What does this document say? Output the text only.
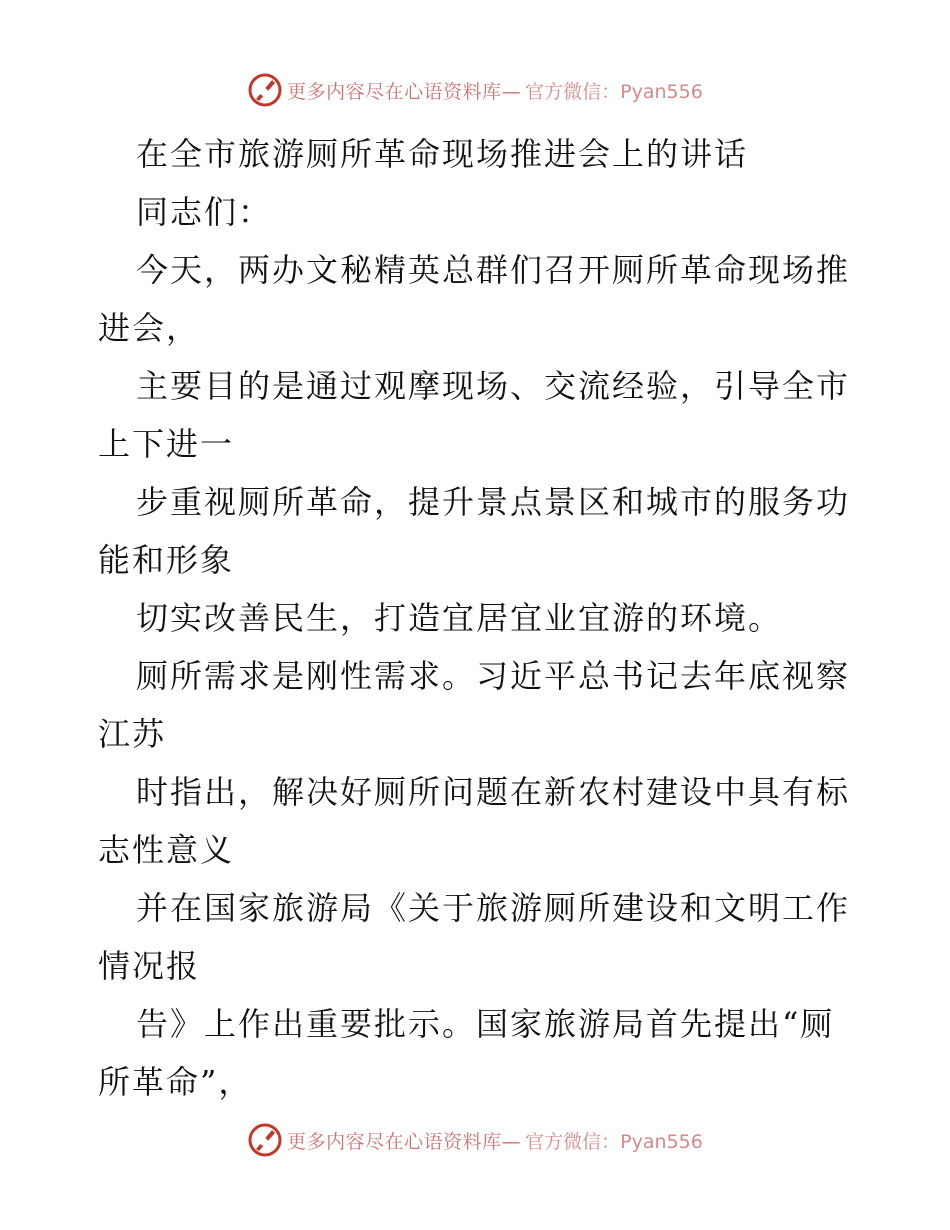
更多内容尽在心语资料库— 官方微信：Pyan556
在全市旅游厕所革命现场推进会上的讲话
同志们：
今天，两办文秘精英总群们召开厕所革命现场推
进会，
主要目的是通过观摩现场、交流经验，引导全市
上下进一
步重视厕所革命，提升景点景区和城市的服务功
能和形象
切实改善民生，打造宜居宜业宜游的环境。
厕所需求是刚性需求。习近平总书记去年底视察
江苏
时指出，解决好厕所问题在新农村建设中具有标
志性意义
并在国家旅游局《关于旅游厕所建设和文明工作
情况报
告》上作出重要批示。国家旅游局首先提出“厕
所革命”，
更多内容尽在心语资料库— 官方微信：Pyan556
